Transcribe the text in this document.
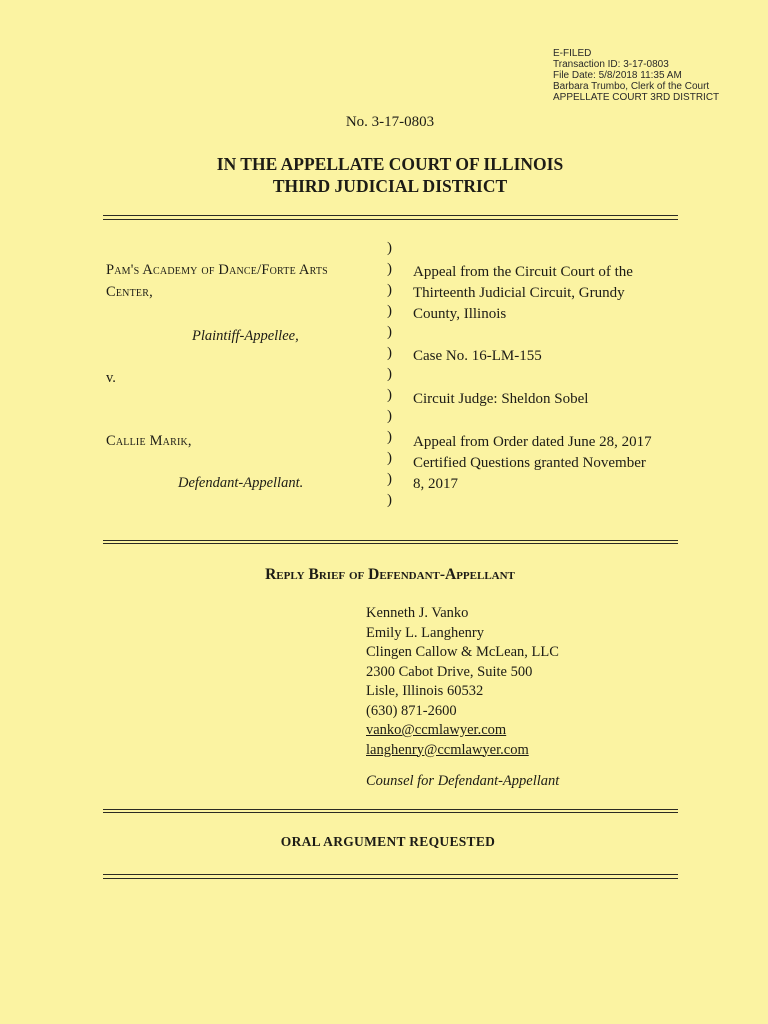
E-FILED
Transaction ID: 3-17-0803
File Date: 5/8/2018 11:35 AM
Barbara Trumbo, Clerk of the Court
APPELLATE COURT 3RD DISTRICT
No. 3-17-0803
IN THE APPELLATE COURT OF ILLINOIS
THIRD JUDICIAL DISTRICT
Pam's Academy of Dance/Forte Arts
Center,
Plaintiff-Appellee,
v.
Callie Marik,
Defendant-Appellant.
)
)
)
)
)
)
)
)
)
)
)
)
)
Appeal from the Circuit Court of the
Thirteenth Judicial Circuit, Grundy
County, Illinois
Case No. 16-LM-155
Circuit Judge: Sheldon Sobel
Appeal from Order dated June 28, 2017
Certified Questions granted November
8, 2017
Reply Brief of Defendant-Appellant
Kenneth J. Vanko
Emily L. Langhenry
Clingen Callow & McLean, LLC
2300 Cabot Drive, Suite 500
Lisle, Illinois 60532
(630) 871-2600
vanko@ccmlawyer.com
langhenry@ccmlawyer.com
Counsel for Defendant-Appellant
ORAL ARGUMENT REQUESTED
